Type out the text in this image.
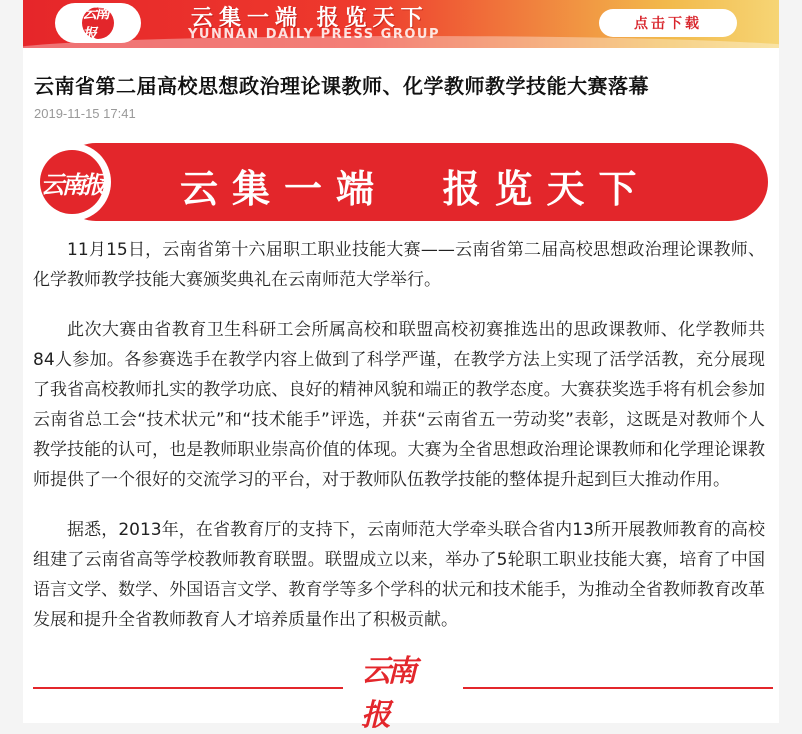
云南报
云集一端 报览天下
YUNNAN DAILY PRESS GROUP
点击下载
云南省第二届高校思想政治理论课教师、化学教师教学技能大赛落幕
2019-11-15 17:41
云南报 云集一端  报览天下

11月15日，云南省第十六届职工职业技能大赛——云南省第二届高校思想政治理论课教师、化学教师教学技能大赛颁奖典礼在云南师范大学举行。

此次大赛由省教育卫生科研工会所属高校和联盟高校初赛推选出的思政课教师、化学教师共84人参加。各参赛选手在教学内容上做到了科学严谨，在教学方法上实现了活学活教，充分展现了我省高校教师扎实的教学功底、良好的精神风貌和端正的教学态度。大赛获奖选手将有机会参加云南省总工会“技术状元”和“技术能手”评选，并获“云南省五一劳动奖”表彰，这既是对教师个人教学技能的认可，也是教师职业崇高价值的体现。大赛为全省思想政治理论课教师和化学理论课教师提供了一个很好的交流学习的平台，对于教师队伍教学技能的整体提升起到巨大推动作用。

据悉，2013年，在省教育厅的支持下，云南师范大学牵头联合省内13所开展教师教育的高校组建了云南省高等学校教师教育联盟。联盟成立以来，举办了5轮职工职业技能大赛，培育了中国语言文学、数学、外国语言文学、教育学等多个学科的状元和技术能手，为推动全省教师教育改革发展和提升全省教师教育人才培养质量作出了积极贡献。

云南报
